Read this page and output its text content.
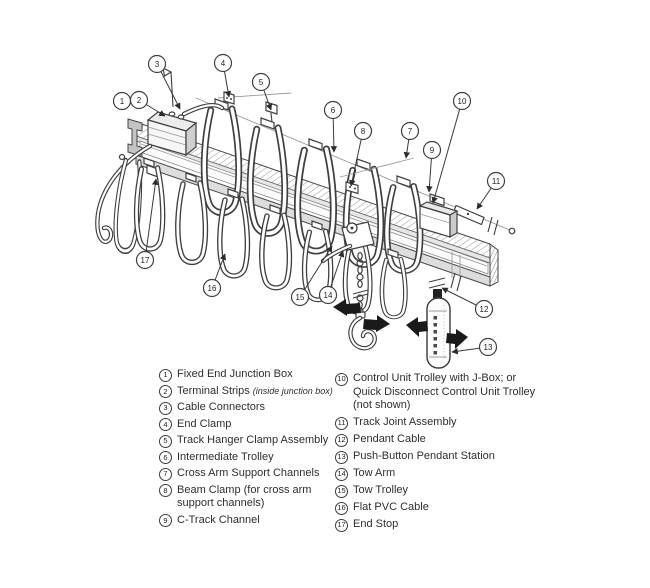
1 2
3	4
5
6
7
8
9
10
11
12
13
14
15
16
17
1 Fixed End Junction Box
2 Terminal Strips (inside junction box)
3 Cable Connectors
4 End Clamp
5 Track Hanger Clamp Assembly
6 Intermediate Trolley
7 Cross Arm Support Channels
8 Beam Clamp (for cross arm support channels)
9 C-Track Channel
10 Control Unit Trolley with J-Box; or Quick Disconnect Control Unit Trolley (not shown)
11 Track Joint Assembly
12 Pendant Cable
13 Push-Button Pendant Station
14 Tow Arm
15 Tow Trolley
16 Flat PVC Cable
17 End Stop
